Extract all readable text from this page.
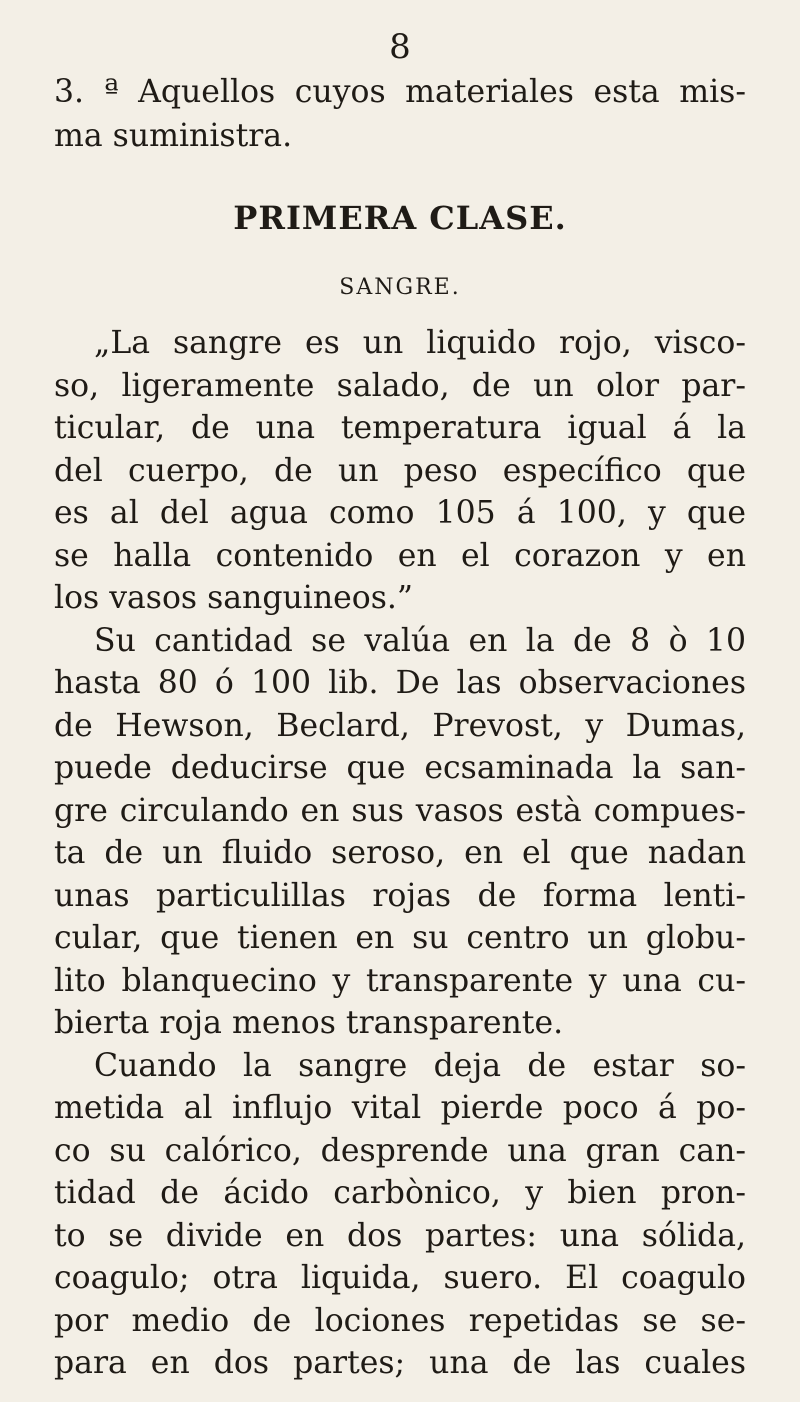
8

3. ª Aquellos cuyos materiales esta mis-

ma suministra.

PRIMERA CLASE.
SANGRE.

„La sangre es un liquido rojo, visco-

so, ligeramente salado, de un olor par-

ticular, de una temperatura igual á la

del cuerpo, de un peso específico que

es al del agua como 105 á 100, y que

se halla contenido en el corazon y en

los vasos sanguineos.”

Su cantidad se valúa en la de 8 ò 10

hasta 80 ó 100 lib. De las observaciones

de Hewson, Beclard, Prevost, y Dumas,

puede deducirse que ecsaminada la san-

gre circulando en sus vasos està compues-

ta de un fluido seroso, en el que nadan

unas particulillas rojas de forma lenti-

cular, que tienen en su centro un globu-

lito blanquecino y transparente y una cu-

bierta roja menos transparente.

Cuando la sangre deja de estar so-

metida al influjo vital pierde poco á po-

co su calórico, desprende una gran can-

tidad de ácido carbònico, y bien pron-

to se divide en dos partes: una sólida,

coagulo; otra liquida, suero. El coagulo

por medio de lociones repetidas se se-

para en dos partes; una de las cuales
